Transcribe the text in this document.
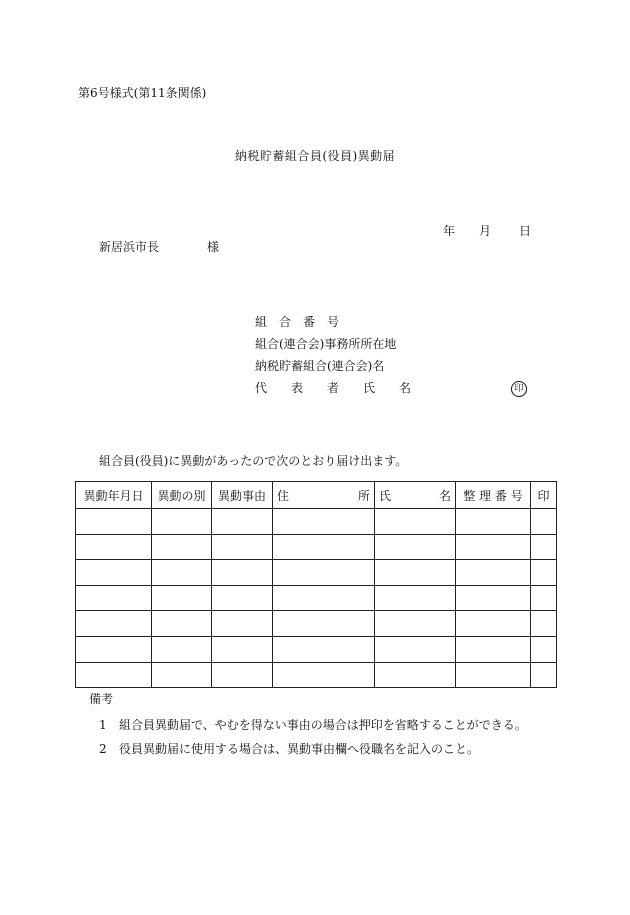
第6号様式(第11条関係)
納税貯蓄組合員(役員)異動届
年	月	日
新居浜市長	様
組　合　番　号
組合(連合会)事務所所在地
納税貯蓄組合(連合会)名
代　　表　　者　　氏　　名	印
組合員(役員)に異動があったので次のとおり届け出ます。
異動年月日	異動の別	異動事由	住 所	氏 名	整 理 番 号	印

備考
1 組合員異動届で、やむを得ない事由の場合は押印を省略することができる。
2 役員異動届に使用する場合は、異動事由欄へ役職名を記入のこと。
